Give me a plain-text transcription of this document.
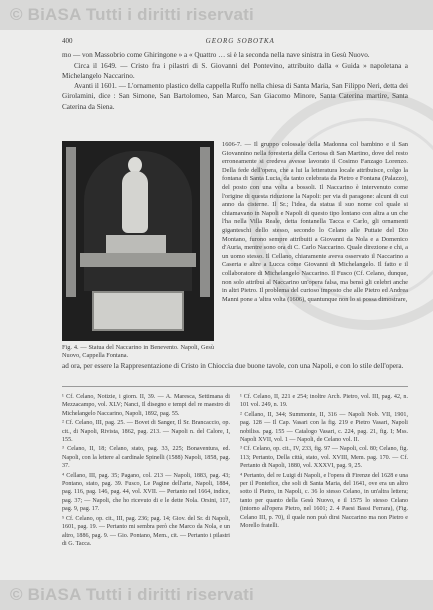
© BiASA Tutti i diritti riservati
400	GEORG SOBOTKA

mo — von Massobrio come Ghiringone » a « Quattro … si è la seconda nella nave sinistra in Gesù Nuovo.

Circa il 1649. — Cristo fra i pilastri di S. Giovanni del Pontevino, attribuito dalla « Guida » napoletana a Michelangelo Naccarino.

Avanti il 1601. — L'ornamento plastico della cappella Ruffo nella chiesa di Santa Maria, San Filippo Neri, detta dei Girolamini, dice : San Simone, San Bartolomeo, San Marco, San Giacomo Minore, Santa Caterina martire, Santa Caterina da Siena.

Fig. 4. — Statua del Naccarino in Benevento. Napoli, Gesù Nuovo, Cappella Fontana.

1606-7. — Il gruppo colossale della Madonna col bambino e il San Giovannino nella foresteria della Certosa di San Martino, dove del resto erroneamente si credeva avesse lavorato il Cosimo Fanzago Lorenzo. Della fede dell'opera, che a lui la letteratura locale attribuisce, colgo la fontana di Santa Lucia, da tanto celebrata da Pietro e Fontana (Palazzo), del posto con una volta a bossoli. Il Naccarino è intervenuto come l'origine di questa riduzione la Napoli: per via di paragone: alcuni di cui anno da cisterne. Il Sr.; l'idea, da statua il suo nome col quale si chiamavano in Napoli e Napoli di questo tipo lontano con altra a un che l'ha nella Villa Reale, detta fontanella Tacca e Carlo, gli ornamenti giganteschi dello stesso, secondo lo Celano alle Puttaie del Dio Montano, furono sempre attribuiti a Giovanni da Nola e a Domenico d'Auria, mentre sono ora di C. Carlo Naccarino. Quale direzione e chi, a un uomo stesso. Il Cellano, chiaramente aveva osservato il Naccarino a Caserta e altre a Lucca come Giovanni di Michelangelo. Il fatto e il collaboratore di Michelangelo Naccarino. Il Fusco (Cf. Celano, dunque, non solo attribuì al Naccarino un'opera falsa, ma bensì gli celebri anche in altri Pietro. Il problema del curioso imposto che alle Pietro ed Andrea Manni pone a 'altra volta (1606), quantunque non lo si possa dimostrare,

ad ora, per essere la Rappresentazione di Cristo in Chioccia due buone tavole, con una Napoli, e con lo stile dell'opera.

¹ Cf. Celano, Notizie, i giorn. II, 39. — A. Maresca, Settimana di Mezzacampo, vol. XLV; Nanci, Il disegno e tempi del re maestro di Michelangelo Naccarino, Napoli, 1892, pag. 55.

² Cf. Celano, III, pag. 25. — Bovet di Sanger, Il Sr. Brancaccio, op. cit., di Napoli, Rivista, 1862, pag. 213. — Napoli n. del Calore, I, 155.

³ Celano, II, 18; Celano, stato, pag. 33, 225; Bonaventura, ed. Napoli, con la lettere al cardinale Spinelli (1588) Napoli, 1858, pag. 37.

⁴ Cellano, III, pag. 35; Pagano, col. 213 — Napoli, 1883, pag. 43; Pontano, stato, pag. 39. Fusco, Le Pagine dell'arte, Napoli, 1884, pag. 116, pag. 146, pag. 44, vol. XVII. — Pertanto nel 1664, indice, pag. 37; — Napoli, che ho ricevuto di e le dette Nola. Orsini, 117, pag. 9, pag. 17.

⁵ Cf. Celano, op. cit., III, pag. 236; pag. 14; Giov. del Sr. di Napoli, 1601, pag. 19. — Pertanto mi sembra però che Marco da Nola, e un altro, 1886, pag. 9. — Gio. Pontano, Mem., cit. — Pertanto i pilastri di G. Tacca.

¹ Cf. Celano, II, 221 e 254; inoltre Arch. Pietro, vol. III, pag. 42, n. 101 vol. 249, n. 19.

² Cellano, II, 344; Summonte, II, 316 — Napoli Nob. VII, 1901, pag. 128 — Il Cap. Vasari con la fig. 219 e Pietro Vasari, Napoli nobiliss. pag. 155 — Catalogo Vasari, c. 224, pag. 21, fig. I; Mss. Napoli XVII, vol. 1 — Napoli, de Celano vol. II.

³ Cf. Celano, op. cit., IV, 233, fig. 97 — Napoli, col. 80; Celano, fig. 113; Pertanto, Della città, stato, vol. XVIII, Mem. pag. 170. — Cf. Pertanto di Napoli, 1880, vol. XXXVI, pag. 9, 25.

⁴ Pertanto, del re Luigi di Napoli, e l'opera di Firenze del 1628 e una per il Pontefice, che soli di Santa Maria, del 1641, ove era un altro sotto il Pietro, in Napoli, c. 36 lo stesso Celano, in un'altra lettera; tanto per quanto della Gesù Nuovo, e il 1575 lo stesso Celano (intorno all'opera Pietro, nel 1601; 2. 4 Paesi Bassi Ferrara), (Fig. Celano III, p. 70), il quale non può dirsi Naccarino ma non Pietro e Morello fratelli.

© BiASA Tutti i diritti riservati
